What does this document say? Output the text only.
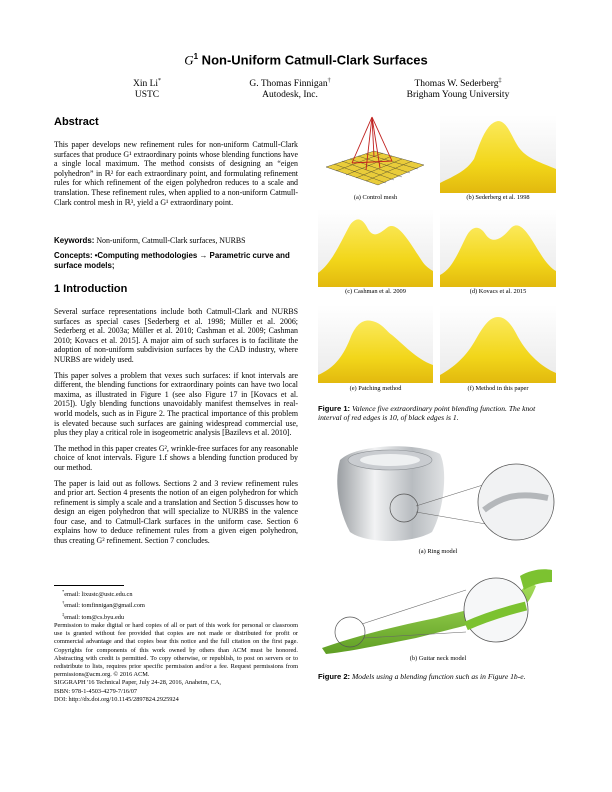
$G^1$ Non-Uniform Catmull-Clark Surfaces
Xin Li*
USTC
G. Thomas Finnigan†
Autodesk, Inc.
Thomas W. Sederberg‡
Brigham Young University
Abstract
This paper develops new refinement rules for non-uniform Catmull-Clark surfaces that produce G¹ extraordinary points whose blending functions have a single local maximum. The method consists of designing an “eigen polyhedron” in ℝ² for each extraordinary point, and formulating refinement rules for which refinement of the eigen polyhedron reduces to a scale and translation. These refinement rules, when applied to a non-uniform Catmull-Clark control mesh in ℝ³, yield a G¹ extraordinary point.
Keywords: Non-uniform, Catmull-Clark surfaces, NURBS
Concepts: •Computing methodologies → Parametric curve and surface models;
1 Introduction

Several surface representations include both Catmull-Clark and NURBS surfaces as special cases [Sederberg et al. 1998; Müller et al. 2006; Sederberg et al. 2003a; Müller et al. 2010; Cashman et al. 2009; Cashman 2010; Kovacs et al. 2015]. A major aim of such surfaces is to facilitate the adoption of non-uniform subdivision surfaces by the CAD industry, where NURBS are widely used.

This paper solves a problem that vexes such surfaces: if knot intervals are different, the blending functions for extraordinary points can have two local maxima, as illustrated in Figure 1 (see also Figure 17 in [Kovacs et al. 2015]). Ugly blending functions unavoidably manifest themselves in real-world models, such as in Figure 2. The practical importance of this problem is elevated because such surfaces are gaining widespread commercial use, plus they play a critical role in isogeometric analysis [Bazilevs et al. 2010].

The method in this paper creates G², wrinkle-free surfaces for any reasonable choice of knot intervals. Figure 1.f shows a blending function produced by our method.

The paper is laid out as follows. Sections 2 and 3 review refinement rules and prior art. Section 4 presents the notion of an eigen polyhedron for which refinement is simply a scale and a translation and Section 5 discusses how to design an eigen polyhedron that will specialize to NURBS in the valence four case, and to Catmull-Clark surfaces in the uniform case. Section 6 explains how to deduce refinement rules from a given eigen polyhedron, thus creating G² refinement. Section 7 concludes.

*email: lixustc@ustc.edu.cn
†email: tomfinnigan@gmail.com
‡email: tom@cs.byu.edu
Permission to make digital or hard copies of all or part of this work for personal or classroom use is granted without fee provided that copies are not made or distributed for profit or commercial advantage and that copies bear this notice and the full citation on the first page. Copyrights for components of this work owned by others than ACM must be honored. Abstracting with credit is permitted. To copy otherwise, or republish, to post on servers or to redistribute to lists, requires prior specific permission and/or a fee. Request permissions from permissions@acm.org. © 2016 ACM.
SIGGRAPH '16 Technical Paper, July 24-28, 2016, Anaheim, CA,
ISBN: 978-1-4503-4279-7/16/07
DOI: http://dx.doi.org/10.1145/2897824.2925924
(a) Control mesh	(b) Sederberg et al. 1998
(c) Cashman et al. 2009	(d) Kovacs et al. 2015
(e) Patching method	(f) Method in this paper
Figure 1: Valence five extraordinary point blending function. The knot interval of red edges is 10, of black edges is 1.
(a) Ring model
(b) Guitar neck model
Figure 2: Models using a blending function such as in Figure 1b-e.
